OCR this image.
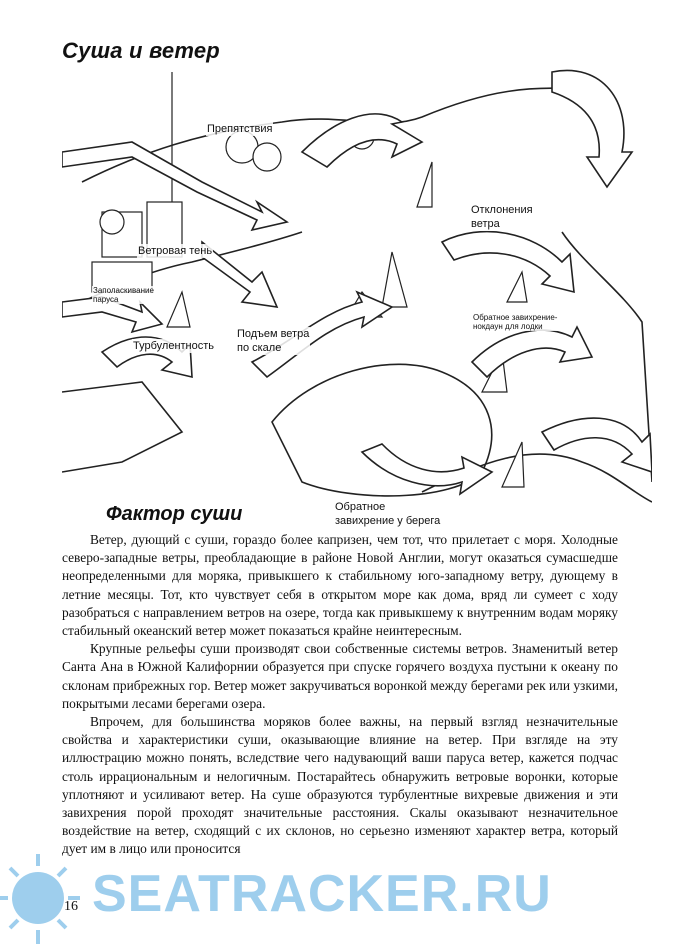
Суша и ветер
Препятствия
Отклонения
ветра
Ветровая тень
Заполаскивание
паруса
Обратное завихрение-
нокдаун для лодки
Турбулентность
Подъем ветра
по скале
Обратное
завихрение у берега
Фактор суши

Ветер, дующий с суши, гораздо более капризен, чем тот, что прилетает с моря. Холодные северо-западные ветры, преобладающие в районе Новой Англии, могут оказаться сумасшедше неопределенными для моряка, привыкшего к стабильному юго-западному ветру, дующему в летние месяцы. Тот, кто чувствует себя в открытом море как дома, вряд ли сумеет с ходу разобраться с направлением ветров на озере, тогда как привыкшему к внутренним водам моряку стабильный океанский ветер может показаться крайне неинтересным.

Крупные рельефы суши производят свои собственные системы ветров. Знаменитый ветер Санта Ана в Южной Калифорнии образуется при спуске горячего воздуха пустыни к океану по склонам прибрежных гор. Ветер может закручиваться воронкой между берегами рек или узкими, покрытыми лесами берегами озера.

Впрочем, для большинства моряков более важны, на первый взгляд незначительные свойства и характеристики суши, оказывающие влияние на ветер. При взгляде на эту иллюстрацию можно понять, вследствие чего надувающий ваши паруса ветер, кажется подчас столь иррациональным и нелогичным. Постарайтесь обнаружить ветровые воронки, которые уплотняют и усиливают ветер. На суше образуются турбулентные вихревые движения и эти завихрения порой проходят значительные расстояния. Скалы оказывают незначительное воздействие на ветер, сходящий с их склонов, но серьезно изменяют характер ветра, который дует им в лицо или проносится

SEATRACKER.RU
16
